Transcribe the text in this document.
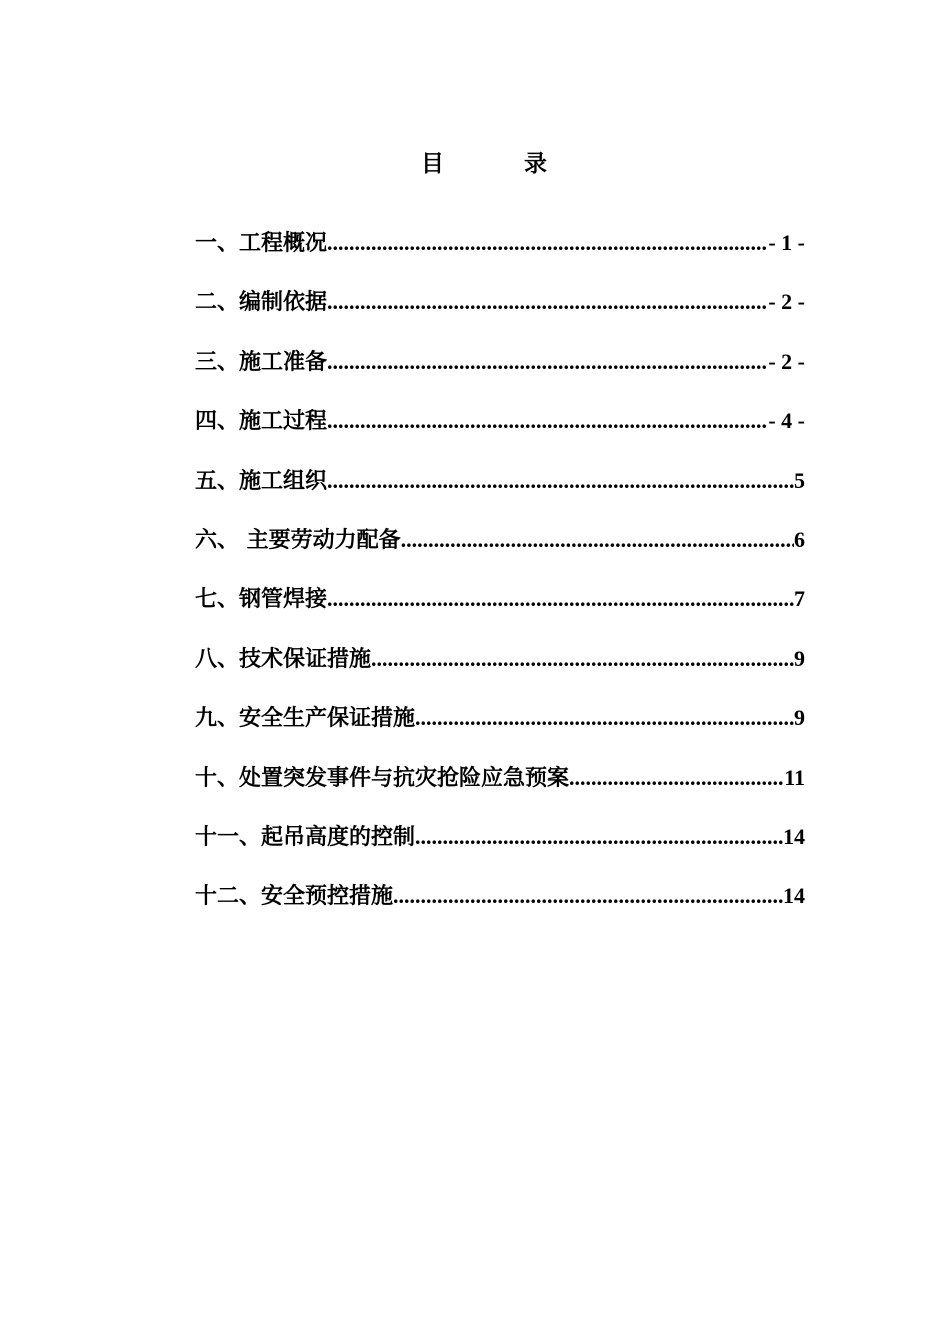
目 录
一、工程概况 .....	- 1 -
二、编制依据 .....	- 2 -
三、施工准备 .....	- 2 -
四、施工过程 .....	- 4 -
五、施工组织 .....	5
六、 主要劳动力配备 .....	6
七、钢管焊接 .....	7
八、技术保证措施 .....	9
九、安全生产保证措施 .....	9
十、处置突发事件与抗灾抢险应急预案 .....	11
十一、起吊高度的控制 .....	14
十二、安全预控措施 .....	14
